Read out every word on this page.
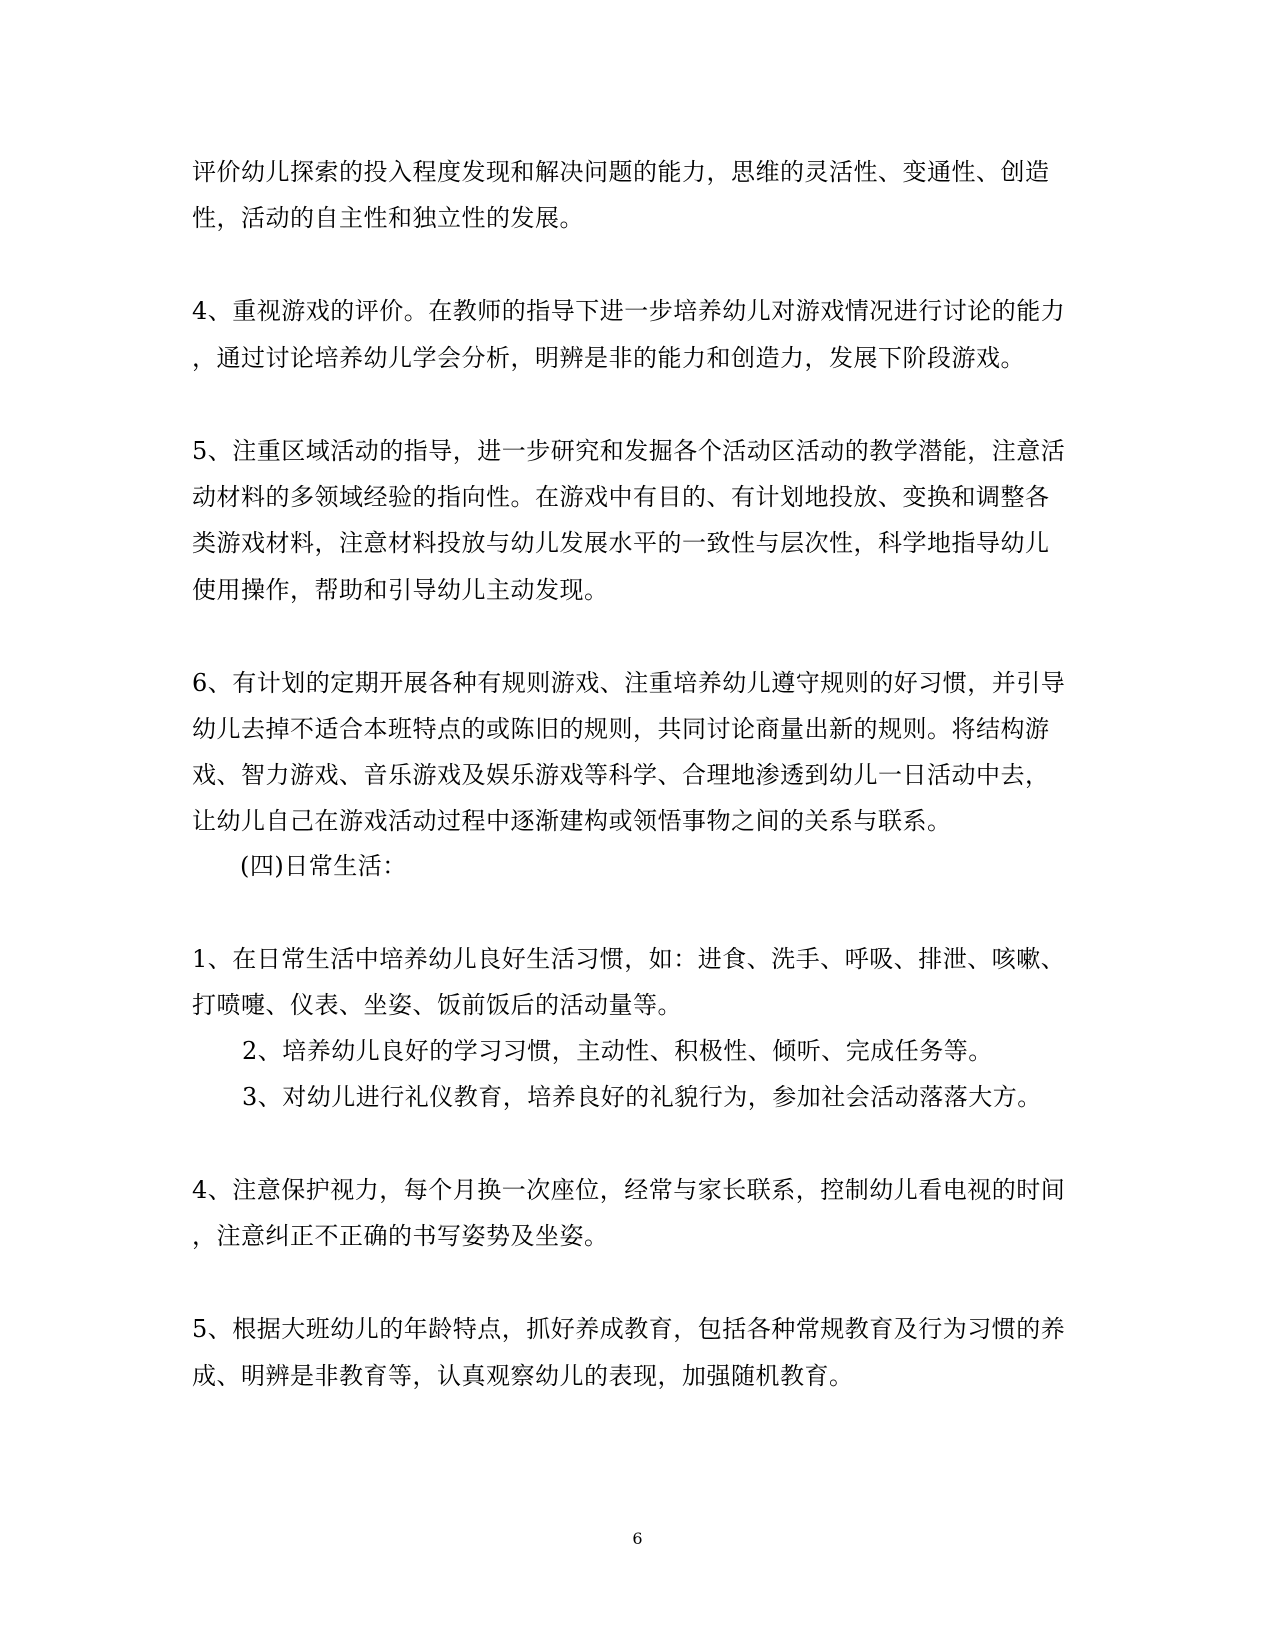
评价幼儿探索的投入程度发现和解决问题的能力，思维的灵活性、变通性、创造
性，活动的自主性和独立性的发展。
4、重视游戏的评价。在教师的指导下进一步培养幼儿对游戏情况进行讨论的能力
，通过讨论培养幼儿学会分析，明辨是非的能力和创造力，发展下阶段游戏。
5、注重区域活动的指导，进一步研究和发掘各个活动区活动的教学潜能，注意活
动材料的多领域经验的指向性。在游戏中有目的、有计划地投放、变换和调整各
类游戏材料，注意材料投放与幼儿发展水平的一致性与层次性，科学地指导幼儿
使用操作，帮助和引导幼儿主动发现。
6、有计划的定期开展各种有规则游戏、注重培养幼儿遵守规则的好习惯，并引导
幼儿去掉不适合本班特点的或陈旧的规则，共同讨论商量出新的规则。将结构游
戏、智力游戏、音乐游戏及娱乐游戏等科学、合理地渗透到幼儿一日活动中去，
让幼儿自己在游戏活动过程中逐渐建构或领悟事物之间的关系与联系。
(四)日常生活：
1、在日常生活中培养幼儿良好生活习惯，如：进食、洗手、呼吸、排泄、咳嗽、
打喷嚏、仪表、坐姿、饭前饭后的活动量等。
2、培养幼儿良好的学习习惯，主动性、积极性、倾听、完成任务等。
3、对幼儿进行礼仪教育，培养良好的礼貌行为，参加社会活动落落大方。
4、注意保护视力，每个月换一次座位，经常与家长联系，控制幼儿看电视的时间
，注意纠正不正确的书写姿势及坐姿。
5、根据大班幼儿的年龄特点，抓好养成教育，包括各种常规教育及行为习惯的养
成、明辨是非教育等，认真观察幼儿的表现，加强随机教育。
6
